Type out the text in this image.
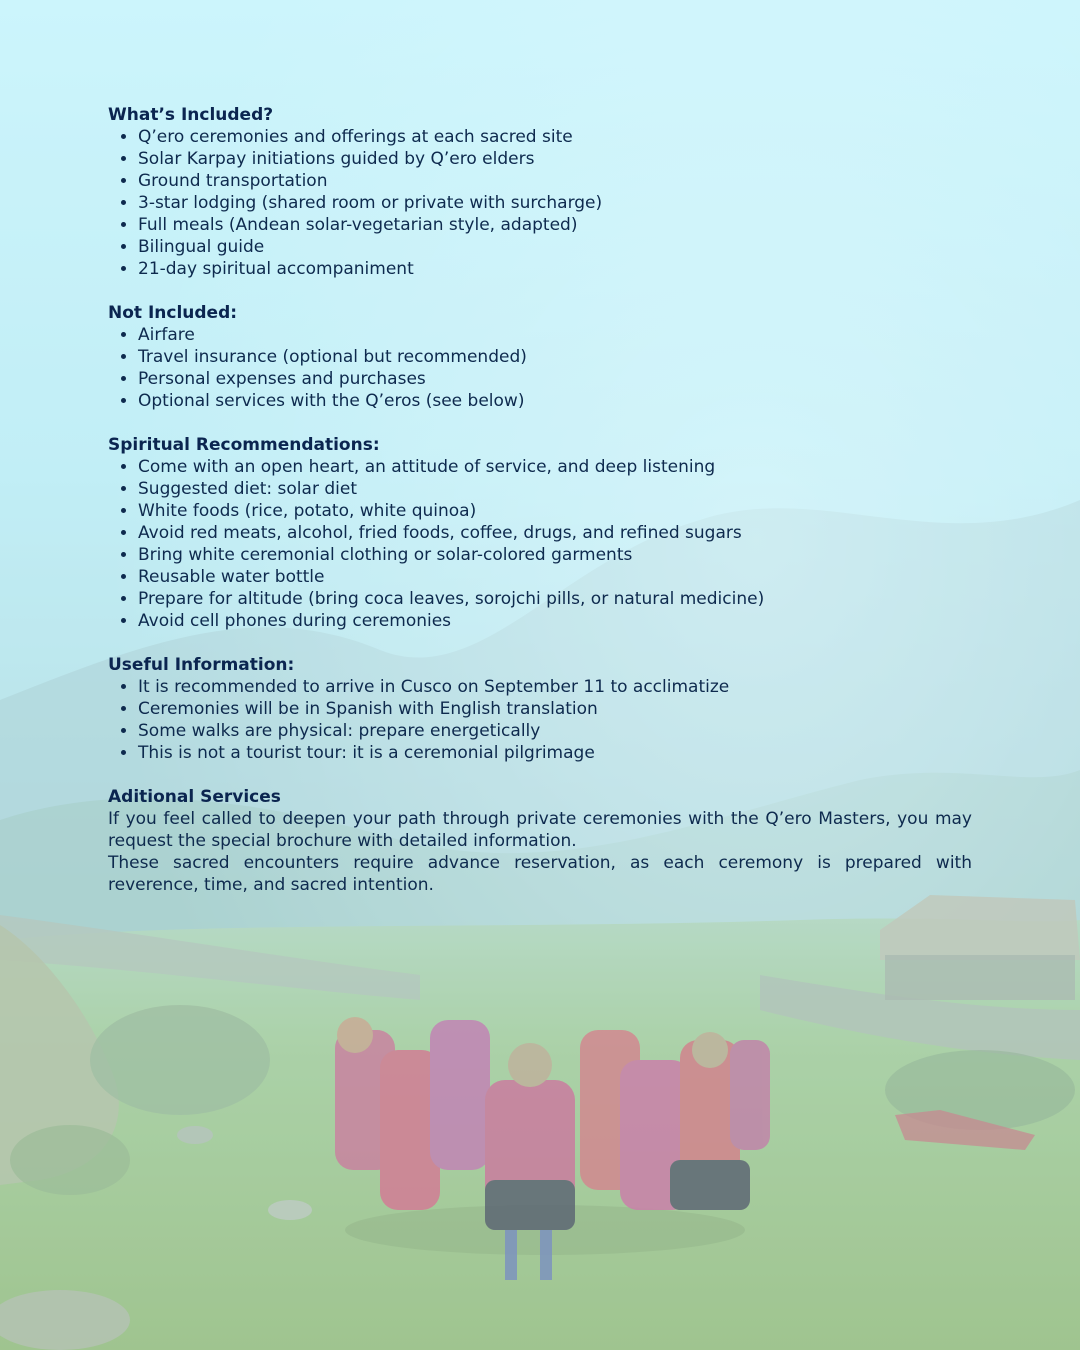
What’s Included?

• Q’ero ceremonies and offerings at each sacred site
• Solar Karpay initiations guided by Q’ero elders
• Ground transportation
• 3-star lodging (shared room or private with surcharge)
• Full meals (Andean solar-vegetarian style, adapted)
• Bilingual guide
• 21-day spiritual accompaniment

Not Included:

• Airfare
• Travel insurance (optional but recommended)
• Personal expenses and purchases
• Optional services with the Q’eros (see below)

Spiritual Recommendations:

• Come with an open heart, an attitude of service, and deep listening
• Suggested diet: solar diet
• White foods (rice, potato, white quinoa)
• Avoid red meats, alcohol, fried foods, coffee, drugs, and refined sugars
• Bring white ceremonial clothing or solar-colored garments
• Reusable water bottle
• Prepare for altitude (bring coca leaves, sorojchi pills, or natural medicine)
• Avoid cell phones during ceremonies

Useful Information:

• It is recommended to arrive in Cusco on September 11 to acclimatize
• Ceremonies will be in Spanish with English translation
• Some walks are physical: prepare energetically
• This is not a tourist tour: it is a ceremonial pilgrimage

Aditional Services

If you feel called to deepen your path through private ceremonies with the Q’ero Masters, you may request the special brochure with detailed information.

These sacred encounters require advance reservation, as each ceremony is prepared with reverence, time, and sacred intention.
